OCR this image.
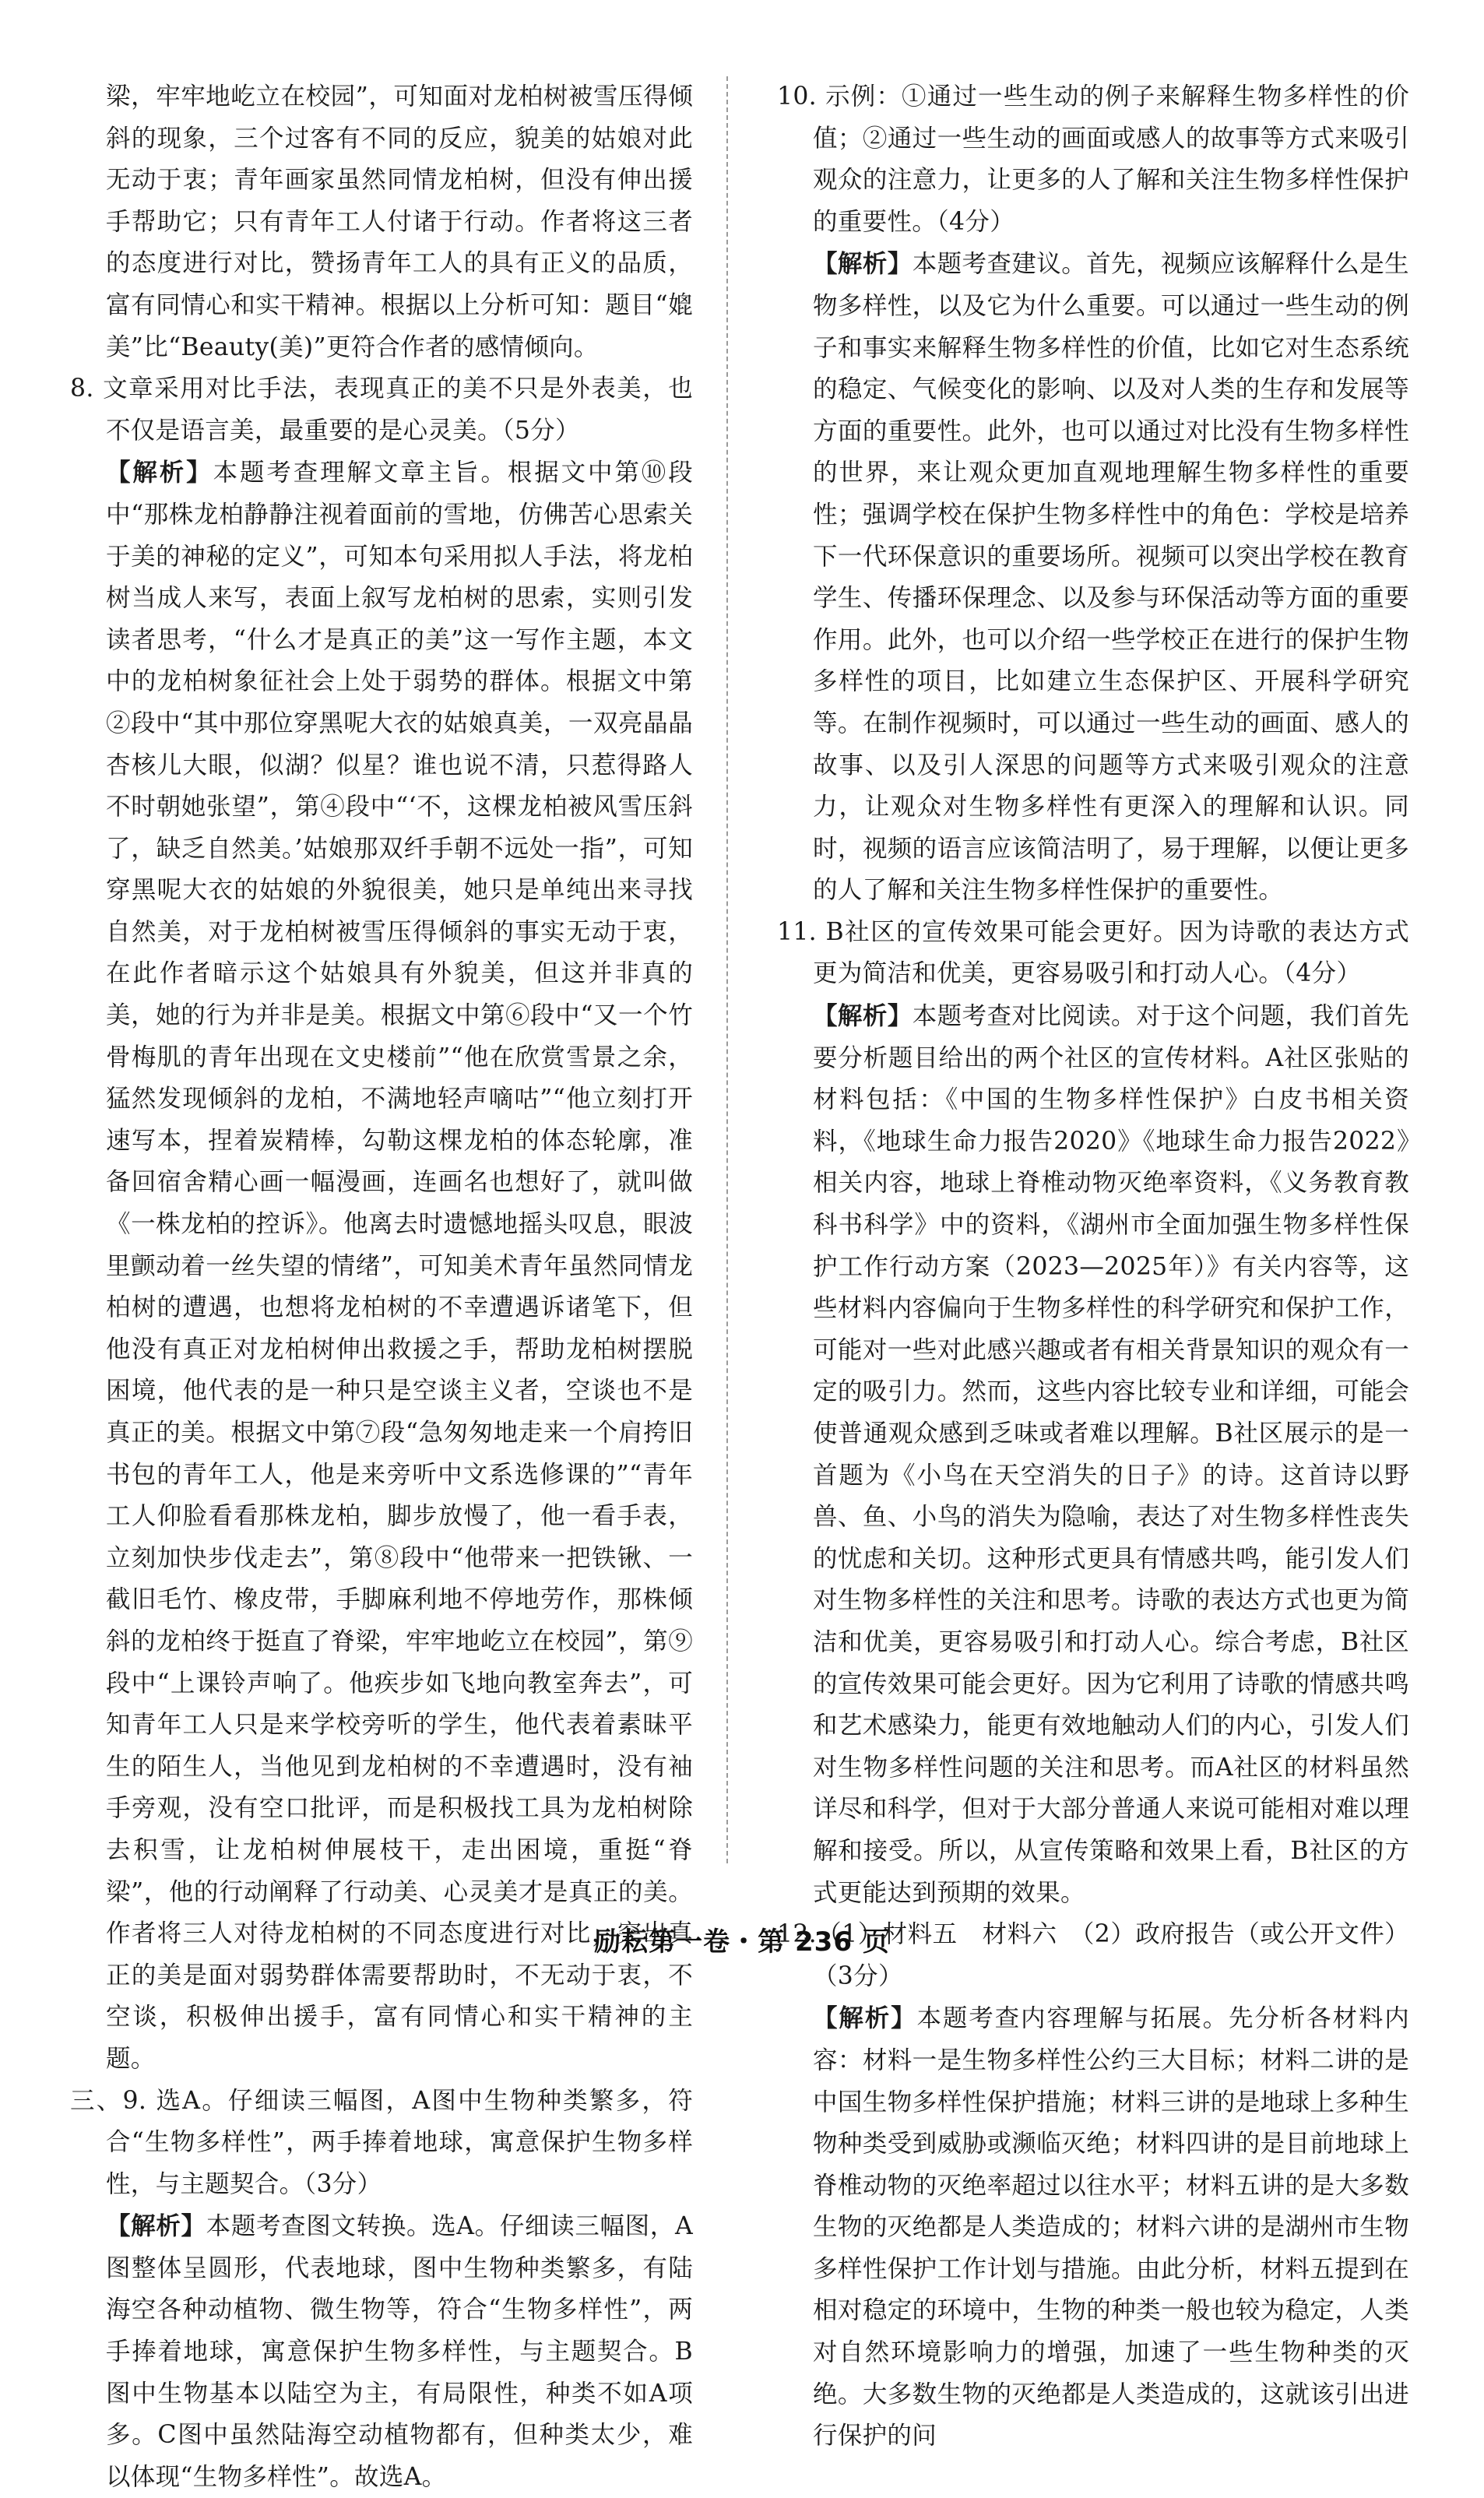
梁，牢牢地屹立在校园”，可知面对龙柏树被雪压得倾斜的现象，三个过客有不同的反应，貌美的姑娘对此无动于衷；青年画家虽然同情龙柏树，但没有伸出援手帮助它；只有青年工人付诸于行动。作者将这三者的态度进行对比，赞扬青年工人的具有正义的品质，富有同情心和实干精神。根据以上分析可知：题目“媲美”比“Beauty(美)”更符合作者的感情倾向。

8. 文章采用对比手法，表现真正的美不只是外表美，也不仅是语言美，最重要的是心灵美。（5分）

【解析】本题考查理解文章主旨。根据文中第⑩段中“那株龙柏静静注视着面前的雪地，仿佛苦心思索关于美的神秘的定义”，可知本句采用拟人手法，将龙柏树当成人来写，表面上叙写龙柏树的思索，实则引发读者思考，“什么才是真正的美”这一写作主题，本文中的龙柏树象征社会上处于弱势的群体。根据文中第②段中“其中那位穿黑呢大衣的姑娘真美，一双亮晶晶杏核儿大眼，似湖？似星？谁也说不清，只惹得路人不时朝她张望”，第④段中“‘不，这棵龙柏被风雪压斜了，缺乏自然美。’姑娘那双纤手朝不远处一指”，可知穿黑呢大衣的姑娘的外貌很美，她只是单纯出来寻找自然美，对于龙柏树被雪压得倾斜的事实无动于衷，在此作者暗示这个姑娘具有外貌美，但这并非真的美，她的行为并非是美。根据文中第⑥段中“又一个竹骨梅肌的青年出现在文史楼前”“他在欣赏雪景之余，猛然发现倾斜的龙柏，不满地轻声嘀咕”“他立刻打开速写本，捏着炭精棒，勾勒这棵龙柏的体态轮廓，准备回宿舍精心画一幅漫画，连画名也想好了，就叫做《一株龙柏的控诉》。他离去时遗憾地摇头叹息，眼波里颤动着一丝失望的情绪”，可知美术青年虽然同情龙柏树的遭遇，也想将龙柏树的不幸遭遇诉诸笔下，但他没有真正对龙柏树伸出救援之手，帮助龙柏树摆脱困境，他代表的是一种只是空谈主义者，空谈也不是真正的美。根据文中第⑦段“急匆匆地走来一个肩挎旧书包的青年工人，他是来旁听中文系选修课的”“青年工人仰脸看看那株龙柏，脚步放慢了，他一看手表，立刻加快步伐走去”，第⑧段中“他带来一把铁锹、一截旧毛竹、橡皮带，手脚麻利地不停地劳作，那株倾斜的龙柏终于挺直了脊梁，牢牢地屹立在校园”，第⑨段中“上课铃声响了。他疾步如飞地向教室奔去”，可知青年工人只是来学校旁听的学生，他代表着素昧平生的陌生人，当他见到龙柏树的不幸遭遇时，没有袖手旁观，没有空口批评，而是积极找工具为龙柏树除去积雪，让龙柏树伸展枝干，走出困境，重挺“脊梁”，他的行动阐释了行动美、心灵美才是真正的美。作者将三人对待龙柏树的不同态度进行对比，突出真正的美是面对弱势群体需要帮助时，不无动于衷，不空谈，积极伸出援手，富有同情心和实干精神的主题。

三、9. 选A。仔细读三幅图，A图中生物种类繁多，符合“生物多样性”，两手捧着地球，寓意保护生物多样性，与主题契合。（3分）

【解析】本题考查图文转换。选A。仔细读三幅图，A图整体呈圆形，代表地球，图中生物种类繁多，有陆海空各种动植物、微生物等，符合“生物多样性”，两手捧着地球，寓意保护生物多样性，与主题契合。B图中生物基本以陆空为主，有局限性，种类不如A项多。C图中虽然陆海空动植物都有，但种类太少，难以体现“生物多样性”。故选A。

10. 示例：①通过一些生动的例子来解释生物多样性的价值；②通过一些生动的画面或感人的故事等方式来吸引观众的注意力，让更多的人了解和关注生物多样性保护的重要性。（4分）

【解析】本题考查建议。首先，视频应该解释什么是生物多样性，以及它为什么重要。可以通过一些生动的例子和事实来解释生物多样性的价值，比如它对生态系统的稳定、气候变化的影响、以及对人类的生存和发展等方面的重要性。此外，也可以通过对比没有生物多样性的世界，来让观众更加直观地理解生物多样性的重要性；强调学校在保护生物多样性中的角色：学校是培养下一代环保意识的重要场所。视频可以突出学校在教育学生、传播环保理念、以及参与环保活动等方面的重要作用。此外，也可以介绍一些学校正在进行的保护生物多样性的项目，比如建立生态保护区、开展科学研究等。在制作视频时，可以通过一些生动的画面、感人的故事、以及引人深思的问题等方式来吸引观众的注意力，让观众对生物多样性有更深入的理解和认识。同时，视频的语言应该简洁明了，易于理解，以便让更多的人了解和关注生物多样性保护的重要性。

11. B社区的宣传效果可能会更好。因为诗歌的表达方式更为简洁和优美，更容易吸引和打动人心。（4分）

【解析】本题考查对比阅读。对于这个问题，我们首先要分析题目给出的两个社区的宣传材料。A社区张贴的材料包括：《中国的生物多样性保护》白皮书相关资料，《地球生命力报告2020》《地球生命力报告2022》相关内容，地球上脊椎动物灭绝率资料，《义务教育教科书科学》中的资料，《湖州市全面加强生物多样性保护工作行动方案（2023—2025年）》有关内容等，这些材料内容偏向于生物多样性的科学研究和保护工作，可能对一些对此感兴趣或者有相关背景知识的观众有一定的吸引力。然而，这些内容比较专业和详细，可能会使普通观众感到乏味或者难以理解。B社区展示的是一首题为《小鸟在天空消失的日子》的诗。这首诗以野兽、鱼、小鸟的消失为隐喻，表达了对生物多样性丧失的忧虑和关切。这种形式更具有情感共鸣，能引发人们对生物多样性的关注和思考。诗歌的表达方式也更为简洁和优美，更容易吸引和打动人心。综合考虑，B社区的宣传效果可能会更好。因为它利用了诗歌的情感共鸣和艺术感染力，能更有效地触动人们的内心，引发人们对生物多样性问题的关注和思考。而A社区的材料虽然详尽和科学，但对于大部分普通人来说可能相对难以理解和接受。所以，从宣传策略和效果上看，B社区的方式更能达到预期的效果。

12.（1）材料五　材料六　（2）政府报告（或公开文件）（3分）

【解析】本题考查内容理解与拓展。先分析各材料内容：材料一是生物多样性公约三大目标；材料二讲的是中国生物多样性保护措施；材料三讲的是地球上多种生物种类受到威胁或濒临灭绝；材料四讲的是目前地球上脊椎动物的灭绝率超过以往水平；材料五讲的是大多数生物的灭绝都是人类造成的；材料六讲的是湖州市生物多样性保护工作计划与措施。由此分析，材料五提到在相对稳定的环境中，生物的种类一般也较为稳定，人类对自然环境影响力的增强，加速了一些生物种类的灭绝。大多数生物的灭绝都是人类造成的，这就该引出进行保护的问

励耘第一卷・第 236 页
